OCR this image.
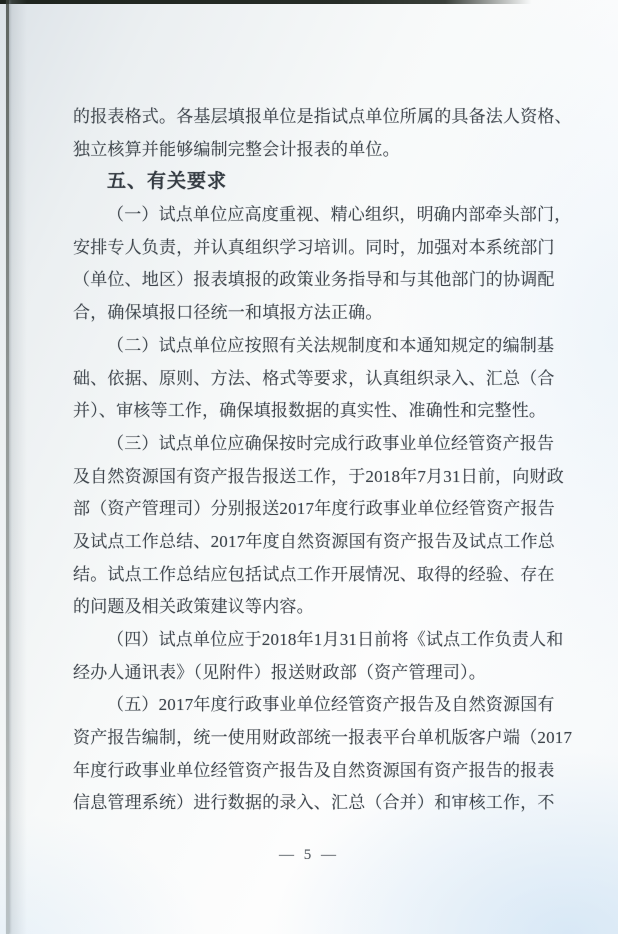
的报表格式。各基层填报单位是指试点单位所属的具备法人资格、
独立核算并能够编制完整会计报表的单位。
五、有关要求
（一）试点单位应高度重视、精心组织，明确内部牵头部门，
安排专人负责，并认真组织学习培训。同时，加强对本系统部门
（单位、地区）报表填报的政策业务指导和与其他部门的协调配
合，确保填报口径统一和填报方法正确。
（二）试点单位应按照有关法规制度和本通知规定的编制基
础、依据、原则、方法、格式等要求，认真组织录入、汇总（合
并）、审核等工作，确保填报数据的真实性、准确性和完整性。
（三）试点单位应确保按时完成行政事业单位经管资产报告
及自然资源国有资产报告报送工作，于2018年7月31日前，向财政
部（资产管理司）分别报送2017年度行政事业单位经管资产报告
及试点工作总结、2017年度自然资源国有资产报告及试点工作总
结。试点工作总结应包括试点工作开展情况、取得的经验、存在
的问题及相关政策建议等内容。
（四）试点单位应于2018年1月31日前将《试点工作负责人和
经办人通讯表》（见附件）报送财政部（资产管理司）。
（五）2017年度行政事业单位经管资产报告及自然资源国有
资产报告编制，统一使用财政部统一报表平台单机版客户端（2017
年度行政事业单位经管资产报告及自然资源国有资产报告的报表
信息管理系统）进行数据的录入、汇总（合并）和审核工作，不
— 5 —
